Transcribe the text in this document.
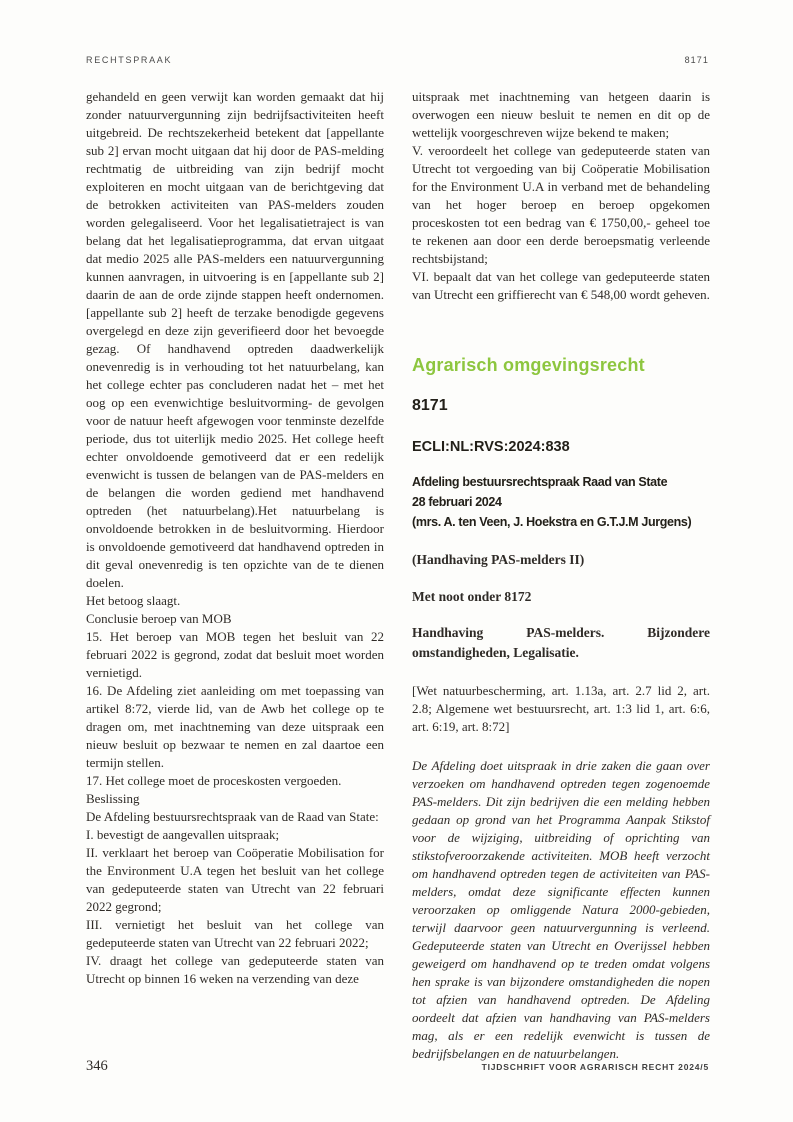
RECHTSPRAAK	8171

gehandeld en geen verwijt kan worden gemaakt dat hij zonder natuurvergunning zijn bedrijfsactiviteiten heeft uitgebreid. De rechtszekerheid betekent dat [appellante sub 2] ervan mocht uitgaan dat hij door de PAS-melding rechtmatig de uitbreiding van zijn bedrijf mocht exploiteren en mocht uitgaan van de berichtgeving dat de betrokken activiteiten van PAS-melders zouden worden gelegaliseerd. Voor het legalisatietraject is van belang dat het legalisatieprogramma, dat ervan uitgaat dat medio 2025 alle PAS-melders een natuurvergunning kunnen aanvragen, in uitvoering is en [appellante sub 2] daarin de aan de orde zijnde stappen heeft ondernomen. [appellante sub 2] heeft de terzake benodigde gegevens overgelegd en deze zijn geverifieerd door het bevoegde gezag. Of handhavend optreden daadwerkelijk onevenredig is in verhouding tot het natuurbelang, kan het college echter pas concluderen nadat het – met het oog op een evenwichtige besluitvorming- de gevolgen voor de natuur heeft afgewogen voor tenminste dezelfde periode, dus tot uiterlijk medio 2025. Het college heeft echter onvoldoende gemotiveerd dat er een redelijk evenwicht is tussen de belangen van de PAS-melders en de belangen die worden gediend met handhavend optreden (het natuurbelang).Het natuurbelang is onvoldoende betrokken in de besluitvorming. Hierdoor is onvoldoende gemotiveerd dat handhavend optreden in dit geval onevenredig is ten opzichte van de te dienen doelen.

Het betoog slaagt.

Conclusie beroep van MOB

15. Het beroep van MOB tegen het besluit van 22 februari 2022 is gegrond, zodat dat besluit moet worden vernietigd.

16. De Afdeling ziet aanleiding om met toepassing van artikel 8:72, vierde lid, van de Awb het college op te dragen om, met inachtneming van deze uitspraak een nieuw besluit op bezwaar te nemen en zal daartoe een termijn stellen.

17. Het college moet de proceskosten vergoeden.

Beslissing

De Afdeling bestuursrechtspraak van de Raad van State:

I. bevestigt de aangevallen uitspraak;

II. verklaart het beroep van Coöperatie Mobilisation for the Environment U.A tegen het besluit van het college van gedeputeerde staten van Utrecht van 22 februari 2022 gegrond;

III. vernietigt het besluit van het college van gedeputeerde staten van Utrecht van 22 februari 2022;

IV. draagt het college van gedeputeerde staten van Utrecht op binnen 16 weken na verzending van deze

uitspraak met inachtneming van hetgeen daarin is overwogen een nieuw besluit te nemen en dit op de wettelijk voorgeschreven wijze bekend te maken;

V. veroordeelt het college van gedeputeerde staten van Utrecht tot vergoeding van bij Coöperatie Mobilisation for the Environment U.A in verband met de behandeling van het hoger beroep en beroep opgekomen proceskosten tot een bedrag van € 1750,00,- geheel toe te rekenen aan door een derde beroepsmatig verleende rechtsbijstand;

VI. bepaalt dat van het college van gedeputeerde staten van Utrecht een griffierecht van € 548,00 wordt geheven.

Agrarisch omgevingsrecht
8171
ECLI:NL:RVS:2024:838
Afdeling bestuursrechtspraak Raad van State
28 februari 2024
(mrs. A. ten Veen, J. Hoekstra en G.T.J.M Jurgens)
(Handhaving PAS-melders II)
Met noot onder 8172
Handhaving PAS-melders. Bijzondere omstandigheden, Legalisatie.

[Wet natuurbescherming, art. 1.13a, art. 2.7 lid 2, art. 2.8; Algemene wet bestuursrecht, art. 1:3 lid 1, art. 6:6, art. 6:19, art. 8:72]

De Afdeling doet uitspraak in drie zaken die gaan over verzoeken om handhavend optreden tegen zogenoemde PAS-melders. Dit zijn bedrijven die een melding hebben gedaan op grond van het Programma Aanpak Stikstof voor de wijziging, uitbreiding of oprichting van stikstofveroorzakende activiteiten. MOB heeft verzocht om handhavend optreden tegen de activiteiten van PAS-melders, omdat deze significante effecten kunnen veroorzaken op omliggende Natura 2000-gebieden, terwijl daarvoor geen natuurvergunning is verleend. Gedeputeerde staten van Utrecht en Overijssel hebben geweigerd om handhavend op te treden omdat volgens hen sprake is van bijzondere omstandigheden die nopen tot afzien van handhavend optreden. De Afdeling oordeelt dat afzien van handhaving van PAS-melders mag, als er een redelijk evenwicht is tussen de bedrijfsbelangen en de natuurbelangen.

346	TIJDSCHRIFT VOOR AGRARISCH RECHT 2024/5
